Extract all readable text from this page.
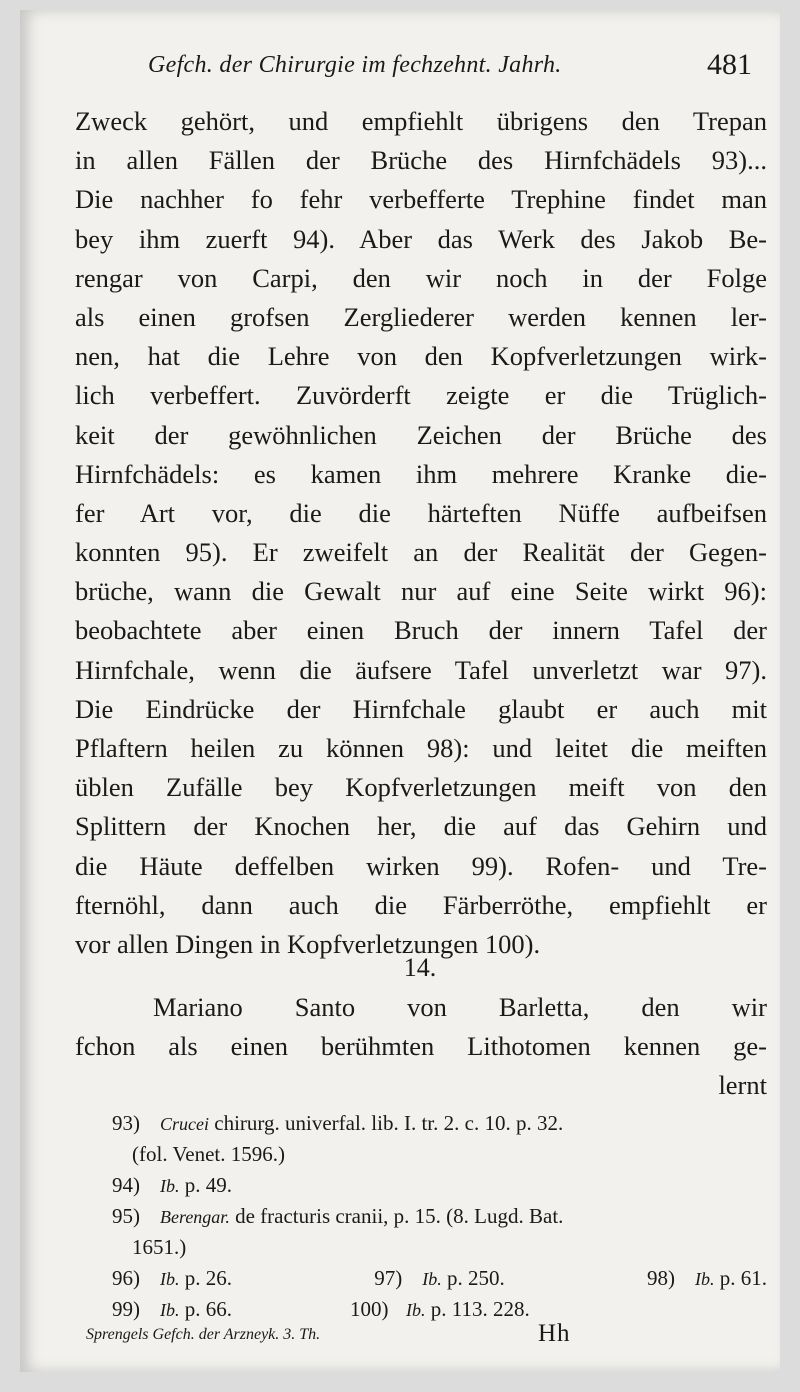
Gefch. der Chirurgie im fechzehnt. Jahrh.	481
Zweck gehört, und empfiehlt übrigens den Trepan
in allen Fällen der Brüche des Hirnfchädels 93)...
Die nachher fo fehr verbefferte Trephine findet man
bey ihm zuerft 94). Aber das Werk des Jakob Be-
rengar von Carpi, den wir noch in der Folge
als einen grofsen Zergliederer werden kennen ler-
nen, hat die Lehre von den Kopfverletzungen wirk-
lich verbeffert. Zuvörderft zeigte er die Trüglich-
keit der gewöhnlichen Zeichen der Brüche des
Hirnfchädels: es kamen ihm mehrere Kranke die-
fer Art vor, die die härteften Nüffe aufbeifsen
konnten 95). Er zweifelt an der Realität der Gegen-
brüche, wann die Gewalt nur auf eine Seite wirkt 96):
beobachtete aber einen Bruch der innern Tafel der
Hirnfchale, wenn die äufsere Tafel unverletzt war 97).
Die Eindrücke der Hirnfchale glaubt er auch mit
Pflaftern heilen zu können 98): und leitet die meiften
üblen Zufälle bey Kopfverletzungen meift von den
Splittern der Knochen her, die auf das Gehirn und
die Häute deffelben wirken 99). Rofen- und Tre-
fternöhl, dann auch die Färberröthe, empfiehlt er
vor allen Dingen in Kopfverletzungen 100).
14.
Mariano Santo von Barletta, den wir
fchon als einen berühmten Lithotomen kennen ge-
lernt
93) Crucei chirurg. univerfal. lib. I. tr. 2. c. 10. p. 32.
(fol. Venet. 1596.)
94) Ib. p. 49.
95) Berengar. de fracturis cranii, p. 15. (8. Lugd. Bat.
1651.)
96) Ib. p. 26.	97) Ib. p. 250.	98) Ib. p. 61.
99) Ib. p. 66.	100) Ib. p. 113. 228.
Sprengels Gefch. der Arzneyk. 3. Th.	Hh
